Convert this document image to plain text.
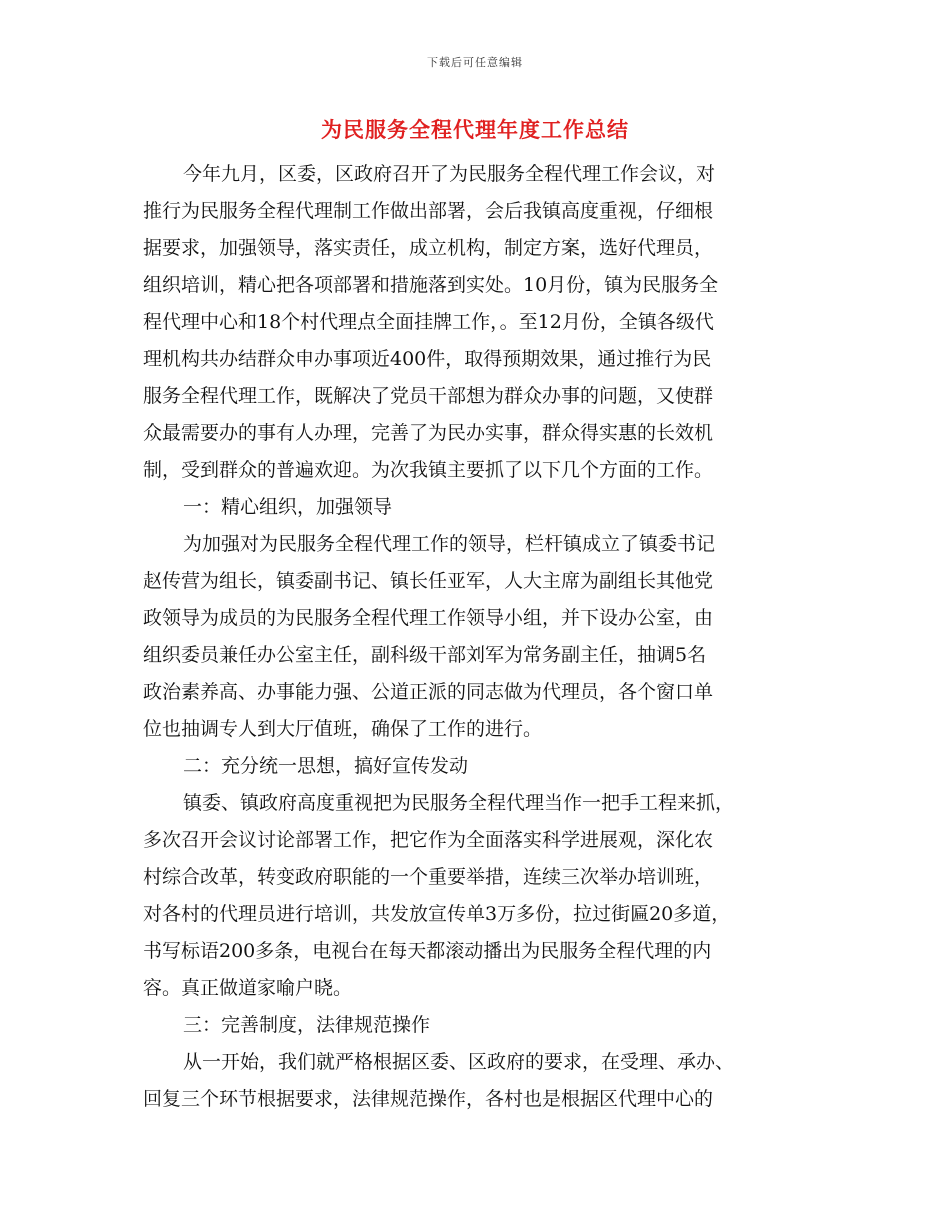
下载后可任意编辑
为民服务全程代理年度工作总结
今年九月，区委，区政府召开了为民服务全程代理工作会议，对
推行为民服务全程代理制工作做出部署，会后我镇高度重视，仔细根
据要求，加强领导，落实责任，成立机构，制定方案，选好代理员，
组织培训，精心把各项部署和措施落到实处。10月份，镇为民服务全
程代理中心和18个村代理点全面挂牌工作，。至12月份，全镇各级代
理机构共办结群众申办事项近400件，取得预期效果，通过推行为民
服务全程代理工作，既解决了党员干部想为群众办事的问题，又使群
众最需要办的事有人办理，完善了为民办实事，群众得实惠的长效机
制，受到群众的普遍欢迎。为次我镇主要抓了以下几个方面的工作。
一：精心组织，加强领导
为加强对为民服务全程代理工作的领导，栏杆镇成立了镇委书记
赵传营为组长，镇委副书记、镇长任亚军，人大主席为副组长其他党
政领导为成员的为民服务全程代理工作领导小组，并下设办公室，由
组织委员兼任办公室主任，副科级干部刘军为常务副主任，抽调5名
政治素养高、办事能力强、公道正派的同志做为代理员，各个窗口单
位也抽调专人到大厅值班，确保了工作的进行。
二：充分统一思想，搞好宣传发动
镇委、镇政府高度重视把为民服务全程代理当作一把手工程来抓，
多次召开会议讨论部署工作，把它作为全面落实科学进展观，深化农
村综合改革，转变政府职能的一个重要举措，连续三次举办培训班，
对各村的代理员进行培训，共发放宣传单3万多份，拉过街匾20多道，
书写标语200多条，电视台在每天都滚动播出为民服务全程代理的内
容。真正做道家喻户晓。
三：完善制度，法律规范操作
从一开始，我们就严格根据区委、区政府的要求，在受理、承办、
回复三个环节根据要求，法律规范操作，各村也是根据区代理中心的
